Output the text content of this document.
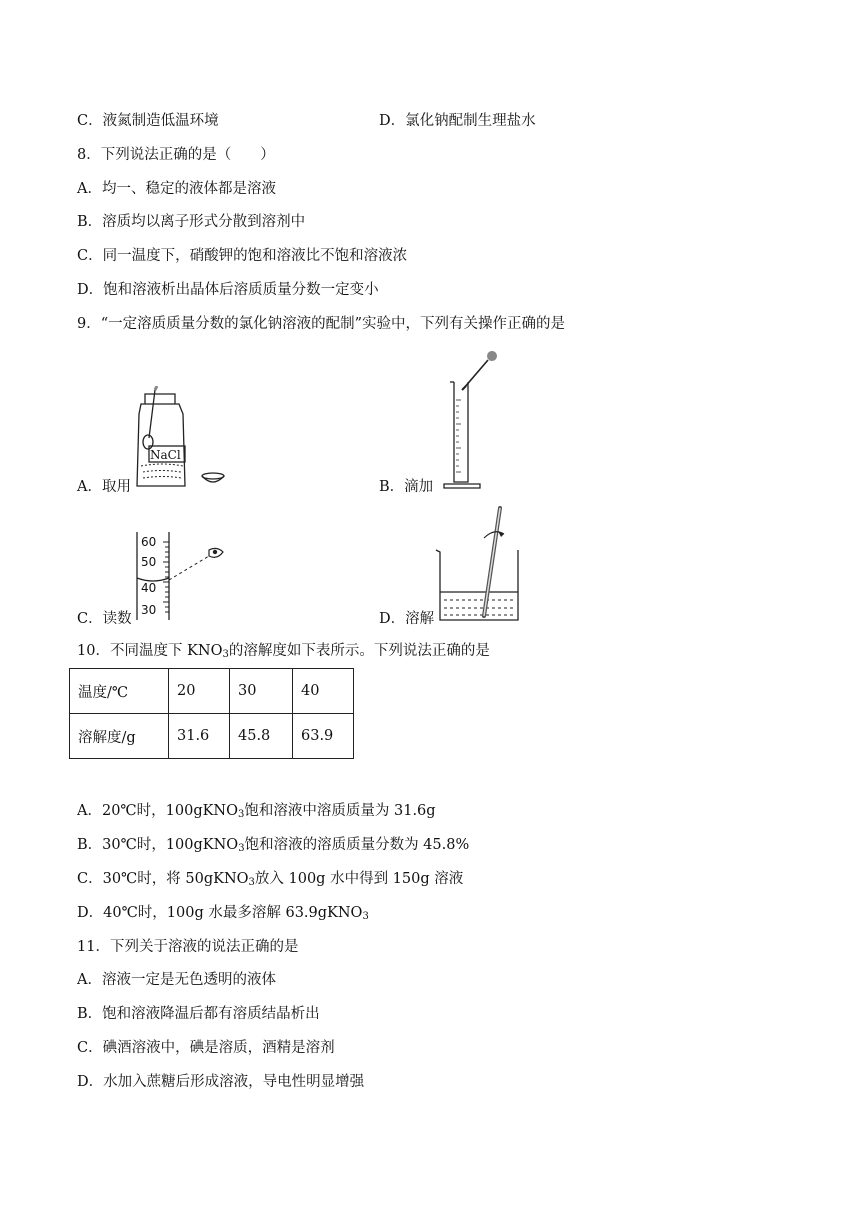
C．液氮制造低温环境	D．氯化钠配制生理盐水
8．下列说法正确的是（　　）
A．均一、稳定的液体都是溶液
B．溶质均以离子形式分散到溶剂中
C．同一温度下，硝酸钾的饱和溶液比不饱和溶液浓
D．饱和溶液析出晶体后溶质质量分数一定变小
9．“一定溶质质量分数的氯化钠溶液的配制”实验中，下列有关操作正确的是
NaCl
A．取用	B．滴加
60
50
40
30
C．读数	D．溶解
10．不同温度下 $KNO_3$的溶解度如下表所示。下列说法正确的是
温度/℃	20	30	40
溶解度/g	31.6	45.8	63.9
A．20℃时，100gKNO$_3$饱和溶液中溶质质量为 31.6g
B．30℃时，100gKNO$_3$饱和溶液的溶质质量分数为 45.8%
C．30℃时，将 50gKNO$_3$放入 100g 水中得到 150g 溶液
D．40℃时，100g 水最多溶解 63.9gKNO$_3$
11．下列关于溶液的说法正确的是
A．溶液一定是无色透明的液体
B．饱和溶液降温后都有溶质结晶析出
C．碘酒溶液中，碘是溶质，酒精是溶剂
D．水加入蔗糖后形成溶液，导电性明显增强
